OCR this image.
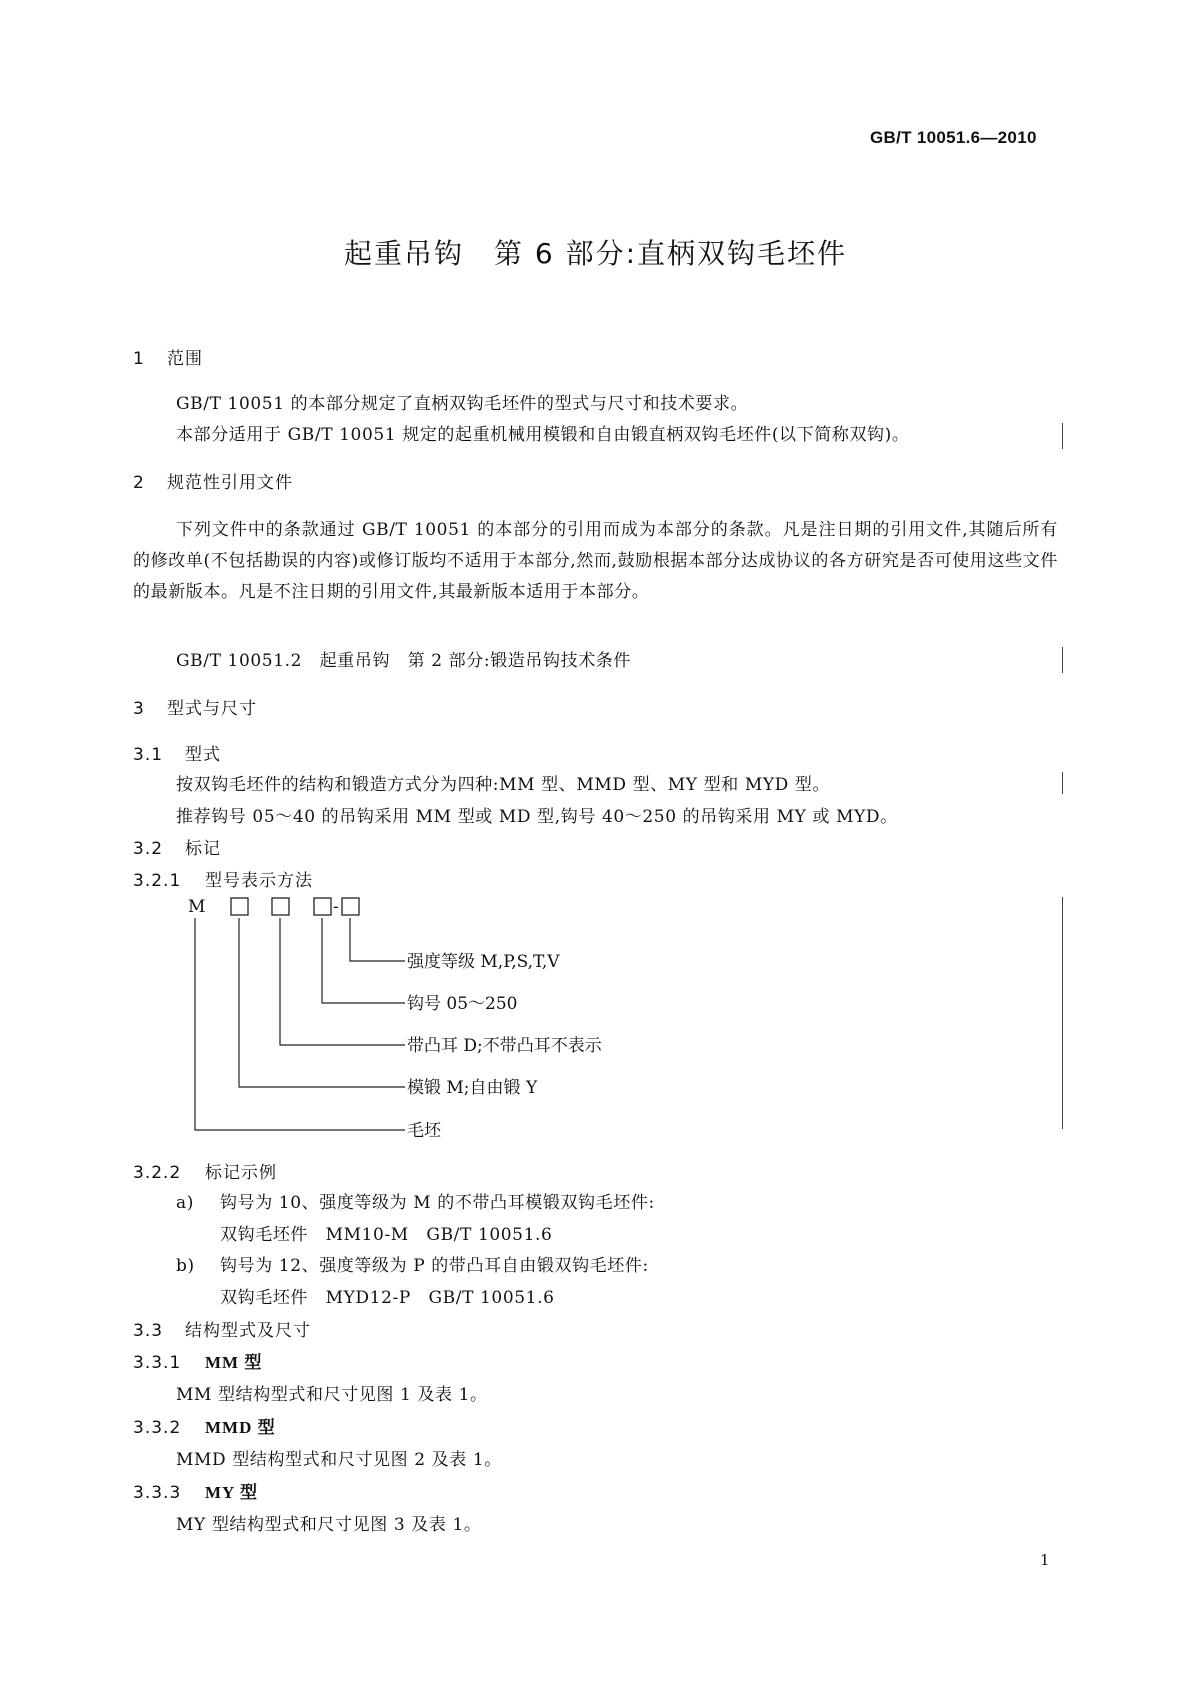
GB/T 10051.6—2010
起重吊钩　第 6 部分:直柄双钩毛坯件
1 范围
GB/T 10051 的本部分规定了直柄双钩毛坯件的型式与尺寸和技术要求。
本部分适用于 GB/T 10051 规定的起重机械用模锻和自由锻直柄双钩毛坯件(以下简称双钩)。
2 规范性引用文件
下列文件中的条款通过 GB/T 10051 的本部分的引用而成为本部分的条款。凡是注日期的引用文件,其随后所有的修改单(不包括勘误的内容)或修订版均不适用于本部分,然而,鼓励根据本部分达成协议的各方研究是否可使用这些文件的最新版本。凡是不注日期的引用文件,其最新版本适用于本部分。
GB/T 10051.2　起重吊钩　第 2 部分:锻造吊钩技术条件
3 型式与尺寸
3.1 型式
按双钩毛坯件的结构和锻造方式分为四种:MM 型、MMD 型、MY 型和 MYD 型。
推荐钩号 05～40 的吊钩采用 MM 型或 MD 型,钩号 40～250 的吊钩采用 MY 或 MYD。
3.2 标记
3.2.1 型号表示方法
M	-
强度等级 M,P,S,T,V
钩号 05～250
带凸耳 D;不带凸耳不表示
模锻 M;自由锻 Y
毛坯
3.2.2 标记示例
a) 钩号为 10、强度等级为 M 的不带凸耳模锻双钩毛坯件:
双钩毛坯件　MM10-M　GB/T 10051.6
b) 钩号为 12、强度等级为 P 的带凸耳自由锻双钩毛坯件:
双钩毛坯件　MYD12-P　GB/T 10051.6
3.3 结构型式及尺寸
3.3.1 MM 型
MM 型结构型式和尺寸见图 1 及表 1。
3.3.2 MMD 型
MMD 型结构型式和尺寸见图 2 及表 1。
3.3.3 MY 型
MY 型结构型式和尺寸见图 3 及表 1。
1
